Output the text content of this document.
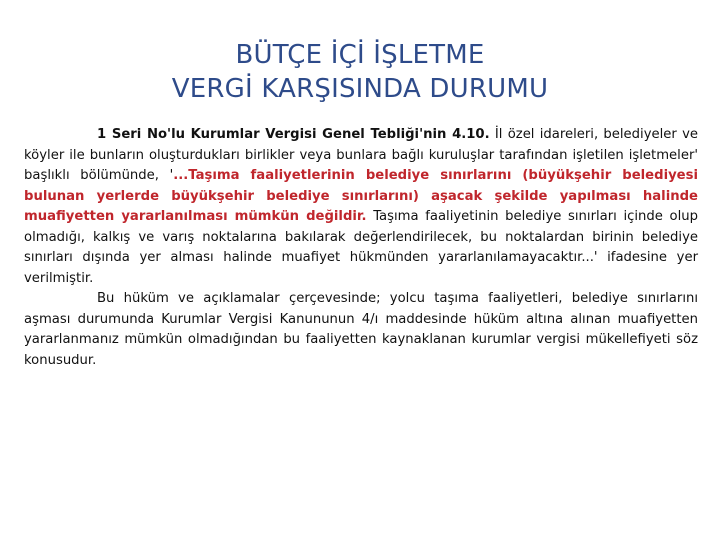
BÜTÇE İÇİ İŞLETME
VERGİ KARŞISINDA DURUMU

1 Seri No'lu Kurumlar Vergisi Genel Tebliği'nin 4.10. İl özel idareleri, belediyeler ve köyler ile bunların oluşturdukları birlikler veya bunlara bağlı kuruluşlar tarafından işletilen işletmeler' başlıklı bölümünde, '...Taşıma faaliyetlerinin belediye sınırlarını (büyükşehir belediyesi bulunan yerlerde büyükşehir belediye sınırlarını) aşacak şekilde yapılması halinde muafiyetten yararlanılması mümkün değildir. Taşıma faaliyetinin belediye sınırları içinde olup olmadığı, kalkış ve varış noktalarına bakılarak değerlendirilecek, bu noktalardan birinin belediye sınırları dışında yer alması halinde muafiyet hükmünden yararlanılamayacaktır...' ifadesine yer verilmiştir.

Bu hüküm ve açıklamalar çerçevesinde; yolcu taşıma faaliyetleri, belediye sınırlarını aşması durumunda Kurumlar Vergisi Kanununun 4/ı maddesinde hüküm altına alınan muafiyetten yararlanmanız mümkün olmadığından bu faaliyetten kaynaklanan kurumlar vergisi mükellefiyeti söz konusudur.
